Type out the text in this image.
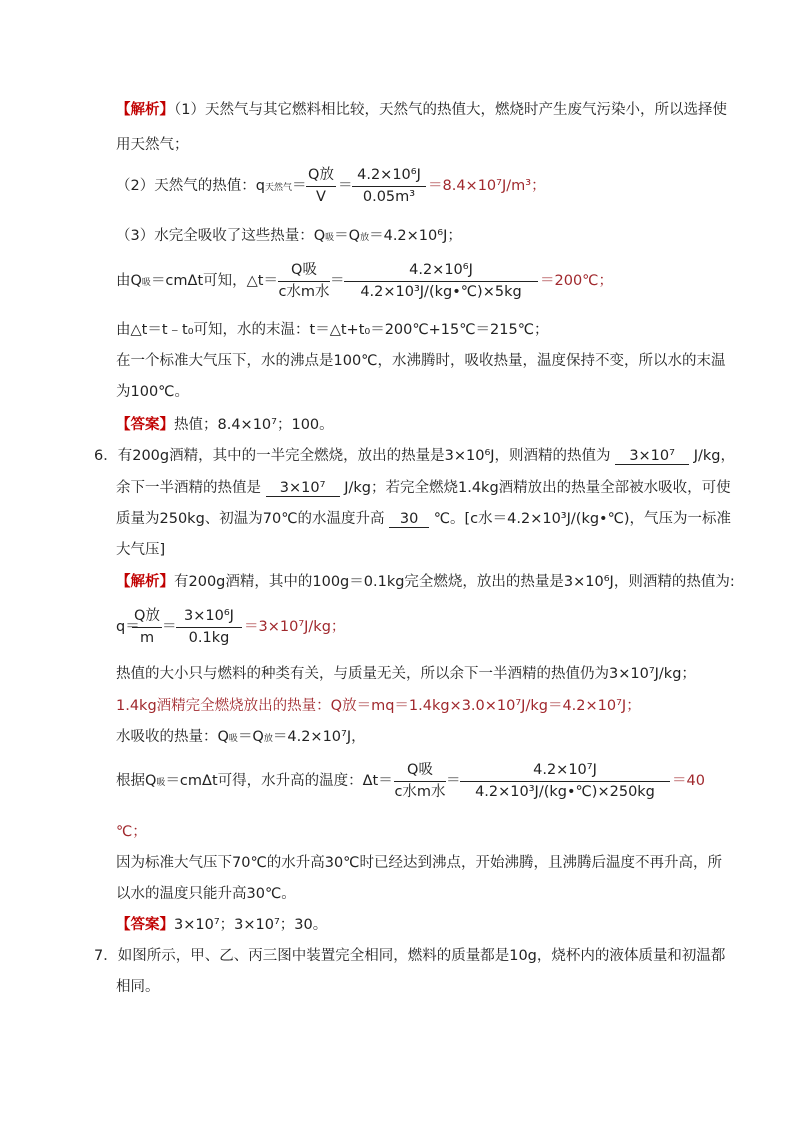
【解析】（1）天然气与其它燃料相比较，天然气的热值大，燃烧时产生废气污染小，所以选择使
用天然气；
（2）天然气的热值：q天然气＝
Q放
V
＝
4.2×10⁶J
0.05m³
＝8.4×10⁷J/m³；
（3）水完全吸收了这些热量：Q吸＝Q放＝4.2×10⁶J；
由Q吸＝cmΔt可知，△t＝
Q吸
c水m水
＝
4.2×10⁶J
4.2×10³J/(kg•℃)×5kg
＝200℃；
由△t＝t﹣t₀可知，水的末温：t＝△t+t₀＝200℃+15℃＝215℃；
在一个标准大气压下，水的沸点是100℃，水沸腾时，吸收热量，温度保持不变，所以水的末温
为100℃。
【答案】热值；8.4×10⁷；100。
6．有200g酒精，其中的一半完全燃烧，放出的热量是3×10⁶J，则酒精的热值为 3×10⁷ J/kg，
余下一半酒精的热值是 3×10⁷ J/kg；若完全燃烧1.4kg酒精放出的热量全部被水吸收，可使
质量为250kg、初温为70℃的水温度升高 30 ℃。[c水＝4.2×10³J/(kg•℃)，气压为一标准
大气压]
【解析】有200g酒精，其中的100g＝0.1kg完全燃烧，放出的热量是3×10⁶J，则酒精的热值为:
q＝
Q放
m
＝
3×10⁶J
0.1kg
＝3×10⁷J/kg；
热值的大小只与燃料的种类有关，与质量无关，所以余下一半酒精的热值仍为3×10⁷J/kg；
1.4kg酒精完全燃烧放出的热量：Q放＝mq＝1.4kg×3.0×10⁷J/kg＝4.2×10⁷J；
水吸收的热量：Q吸＝Q放＝4.2×10⁷J，
根据Q吸＝cmΔt可得，水升高的温度：Δt＝
Q吸
c水m水
＝
4.2×10⁷J
4.2×10³J/(kg•℃)×250kg
＝40
℃；
因为标准大气压下70℃的水升高30℃时已经达到沸点，开始沸腾，且沸腾后温度不再升高，所
以水的温度只能升高30℃。
【答案】3×10⁷；3×10⁷；30。
7．如图所示，甲、乙、丙三图中装置完全相同，燃料的质量都是10g，烧杯内的液体质量和初温都
相同。
